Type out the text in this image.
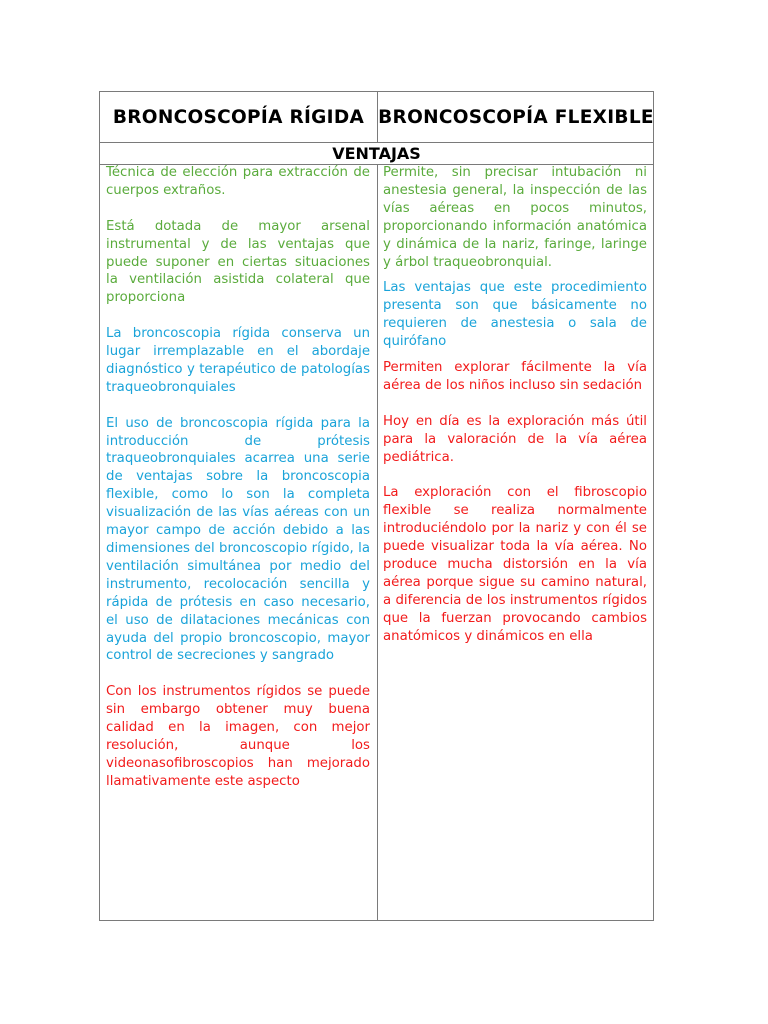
BRONCOSCOPÍA RÍGIDA BRONCOSCOPÍA FLEXIBLE
VENTAJAS

Técnica de elección para extracción de cuerpos extraños.

Está dotada de mayor arsenal instrumental y de las ventajas que puede suponer en ciertas situaciones la ventilación asistida colateral que proporciona

La broncoscopia rígida conserva un lugar irremplazable en el abordaje diagnóstico y terapéutico de patologías traqueobronquiales

El uso de broncoscopia rígida para la introducción de prótesis traqueobronquiales acarrea una serie de ventajas sobre la broncoscopia flexible, como lo son la completa visualización de las vías aéreas con un mayor campo de acción debido a las dimensiones del broncoscopio rígido, la ventilación simultánea por medio del instrumento, recolocación sencilla y rápida de prótesis en caso necesario, el uso de dilataciones mecánicas con ayuda del propio broncoscopio, mayor control de secreciones y sangrado

Con los instrumentos rígidos se puede sin embargo obtener muy buena calidad en la imagen, con mejor resolución, aunque los videonasofibroscopios han mejorado llamativamente este aspecto

Permite, sin precisar intubación ni anestesia general, la inspección de las vías aéreas en pocos minutos, proporcionando información anatómica y dinámica de la nariz, faringe, laringe y árbol traqueobronquial.

Las ventajas que este procedimiento presenta son que básicamente no requieren de anestesia o sala de quirófano

Permiten explorar fácilmente la vía aérea de los niños incluso sin sedación

Hoy en día es la exploración más útil para la valoración de la vía aérea pediátrica.

La exploración con el fibroscopio flexible se realiza normalmente introduciéndolo por la nariz y con él se puede visualizar toda la vía aérea. No produce mucha distorsión en la vía aérea porque sigue su camino natural, a diferencia de los instrumentos rígidos que la fuerzan provocando cambios anatómicos y dinámicos en ella
